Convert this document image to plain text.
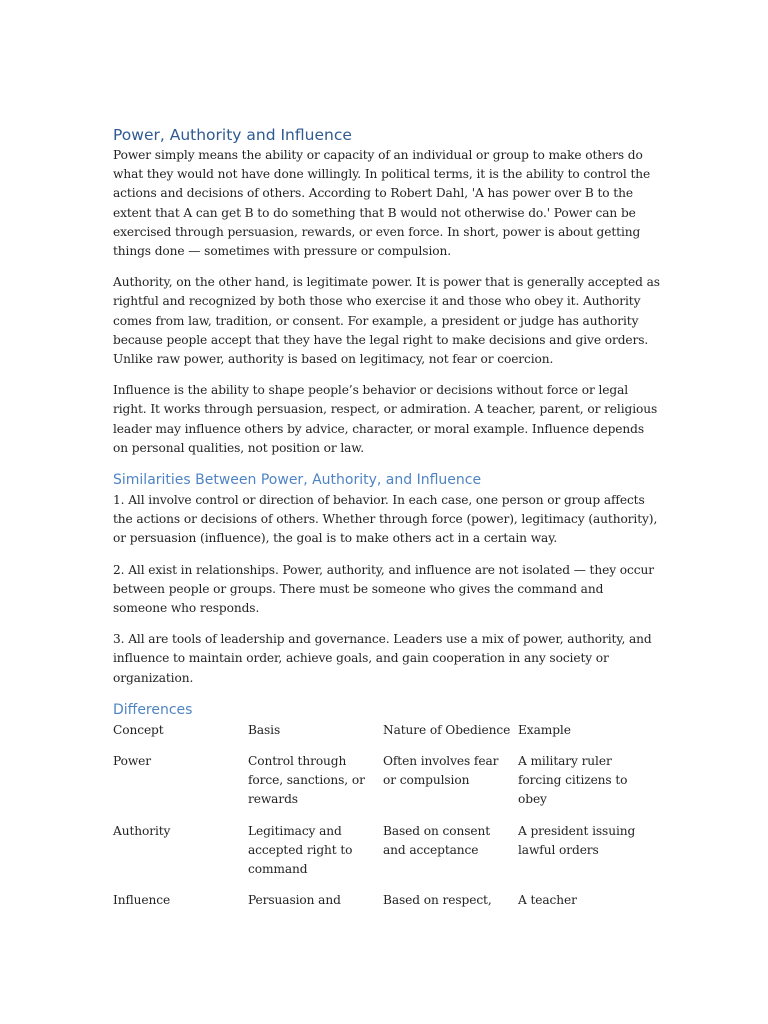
Power, Authority and Influence

Power simply means the ability or capacity of an individual or group to make others do what they would not have done willingly. In political terms, it is the ability to control the actions and decisions of others. According to Robert Dahl, 'A has power over B to the extent that A can get B to do something that B would not otherwise do.' Power can be exercised through persuasion, rewards, or even force. In short, power is about getting things done — sometimes with pressure or compulsion.

Authority, on the other hand, is legitimate power. It is power that is generally accepted as rightful and recognized by both those who exercise it and those who obey it. Authority comes from law, tradition, or consent. For example, a president or judge has authority because people accept that they have the legal right to make decisions and give orders. Unlike raw power, authority is based on legitimacy, not fear or coercion.

Influence is the ability to shape people’s behavior or decisions without force or legal right. It works through persuasion, respect, or admiration. A teacher, parent, or religious leader may influence others by advice, character, or moral example. Influence depends on personal qualities, not position or law.

Similarities Between Power, Authority, and Influence

1. All involve control or direction of behavior. In each case, one person or group affects the actions or decisions of others. Whether through force (power), legitimacy (authority), or persuasion (influence), the goal is to make others act in a certain way.

2. All exist in relationships. Power, authority, and influence are not isolated — they occur between people or groups. There must be someone who gives the command and someone who responds.

3. All are tools of leadership and governance. Leaders use a mix of power, authority, and influence to maintain order, achieve goals, and gain cooperation in any society or organization.

Differences
Concept	Basis	Nature of Obedience	Example
Power	Control through force, sanctions, or rewards	Often involves fear or compulsion	A military ruler forcing citizens to obey
Authority	Legitimacy and accepted right to command	Based on consent and acceptance	A president issuing lawful orders
Influence	Persuasion and	Based on respect,	A teacher
